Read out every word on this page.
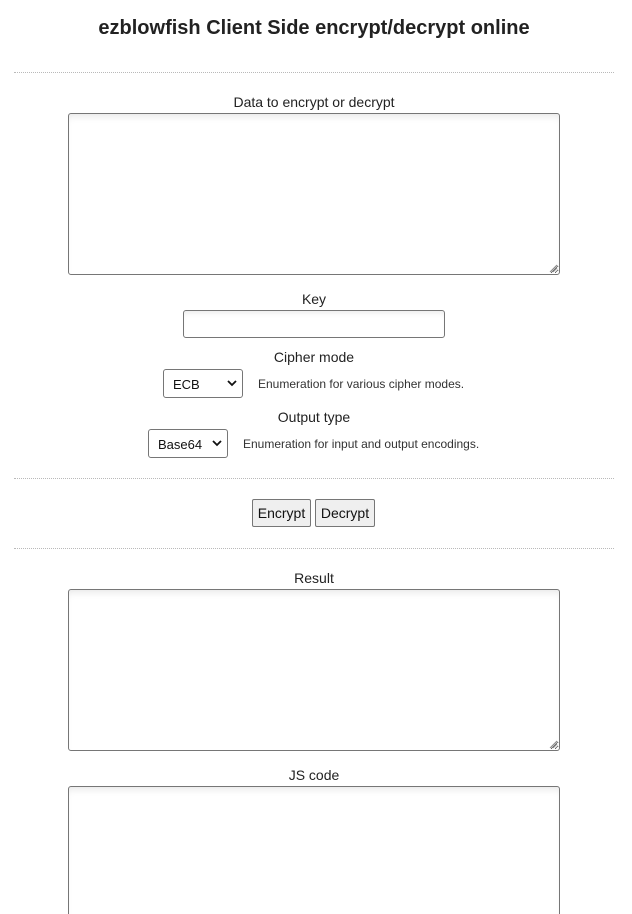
ezblowfish Client Side encrypt/decrypt online
Data to encrypt or decrypt
Key
Cipher mode
ECB	Enumeration for various cipher modes.
Output type
Base64	Enumeration for input and output encodings.
Encrypt	Decrypt
Result
JS code
